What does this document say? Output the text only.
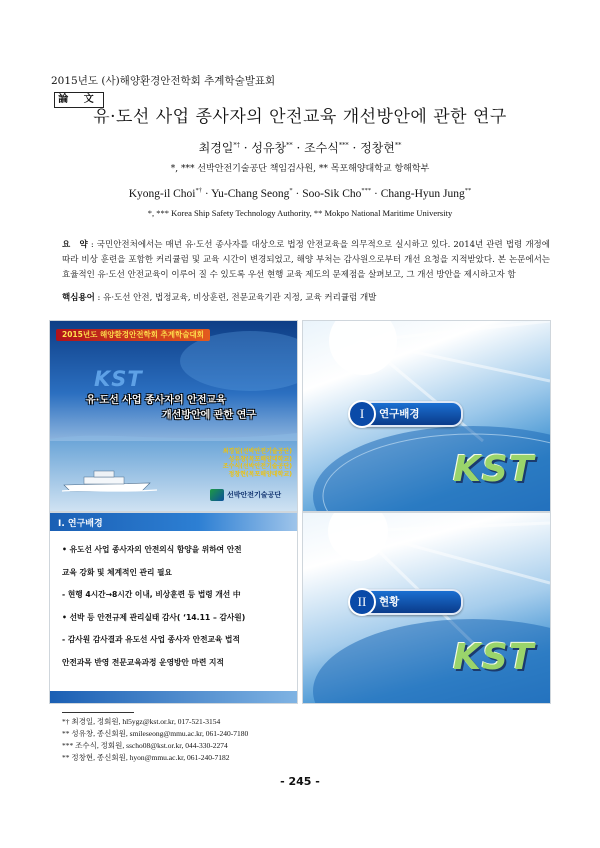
2015년도 (사)해양환경안전학회 추계학술발표회
論 文
유·도선 사업 종사자의 안전교육 개선방안에 관한 연구
최경일*† · 성유창** · 조수식*** · 정창현**
*, *** 선박안전기술공단 책임검사원, ** 목포해양대학교 항해학부
Kyong-il Choi*† · Yu-Chang Seong* · Soo-Sik Cho*** · Chang-Hyun Jung**
*, *** Korea Ship Safety Technology Authority, ** Mokpo National Maritime University
요　약 : 국민안전처에서는 매년 유·도선 종사자를 대상으로 법정 안전교육을 의무적으로 실시하고 있다. 2014년 관련 법령 개정에 따라 비상 훈련을 포함한 커리큘럼 및 교육 시간이 변경되었고, 해양 부처는 감사원으로부터 개선 요청을 지적받았다. 본 논문에서는 효율적인 유·도선 안전교육이 이루어 질 수 있도록 우선 현행 교육 제도의 문제점을 살펴보고, 그 개선 방안을 제시하고자 함
핵심용어 : 유·도선 안전, 법정교육, 비상훈련, 전문교육기관 지정, 교육 커리큘럼 개발
2015년도 해양환경안전학회 추계학술대회
KST
유·도선 사업 종사자의 안전교육
개선방안에 관한 연구
최경일(선박안전기술공단)
성유창(목포해양대학교)
조수식(선박안전기술공단)
정창현(목포해양대학교)
선박안전기술공단
I	연구배경
KST
I. 연구배경
• 유도선 사업 종사자의 안전의식 함양을 위하여 안전
교육 강화 및 체계적인 관리 필요
- 현행 4시간→8시간 이내, 비상훈련 등 법령 개선 中
• 선박 등 안전규제 관리실태 감사( ‘14.11 – 감사원)
- 감사원 감사결과 유도선 사업 종사자 안전교육 법적
안전과목 반영 전문교육과정 운영방안 마련 지적
II	현황
KST
*† 최경일, 정회원, hl5ygz@kst.or.kr, 017-521-3154
** 성유창, 종신회원, smileseong@mmu.ac.kr, 061-240-7180
*** 조수식, 정회원, sscho08@kst.or.kr, 044-330-2274
** 정창현, 종신회원, hyon@mmu.ac.kr, 061-240-7182
- 245 -
